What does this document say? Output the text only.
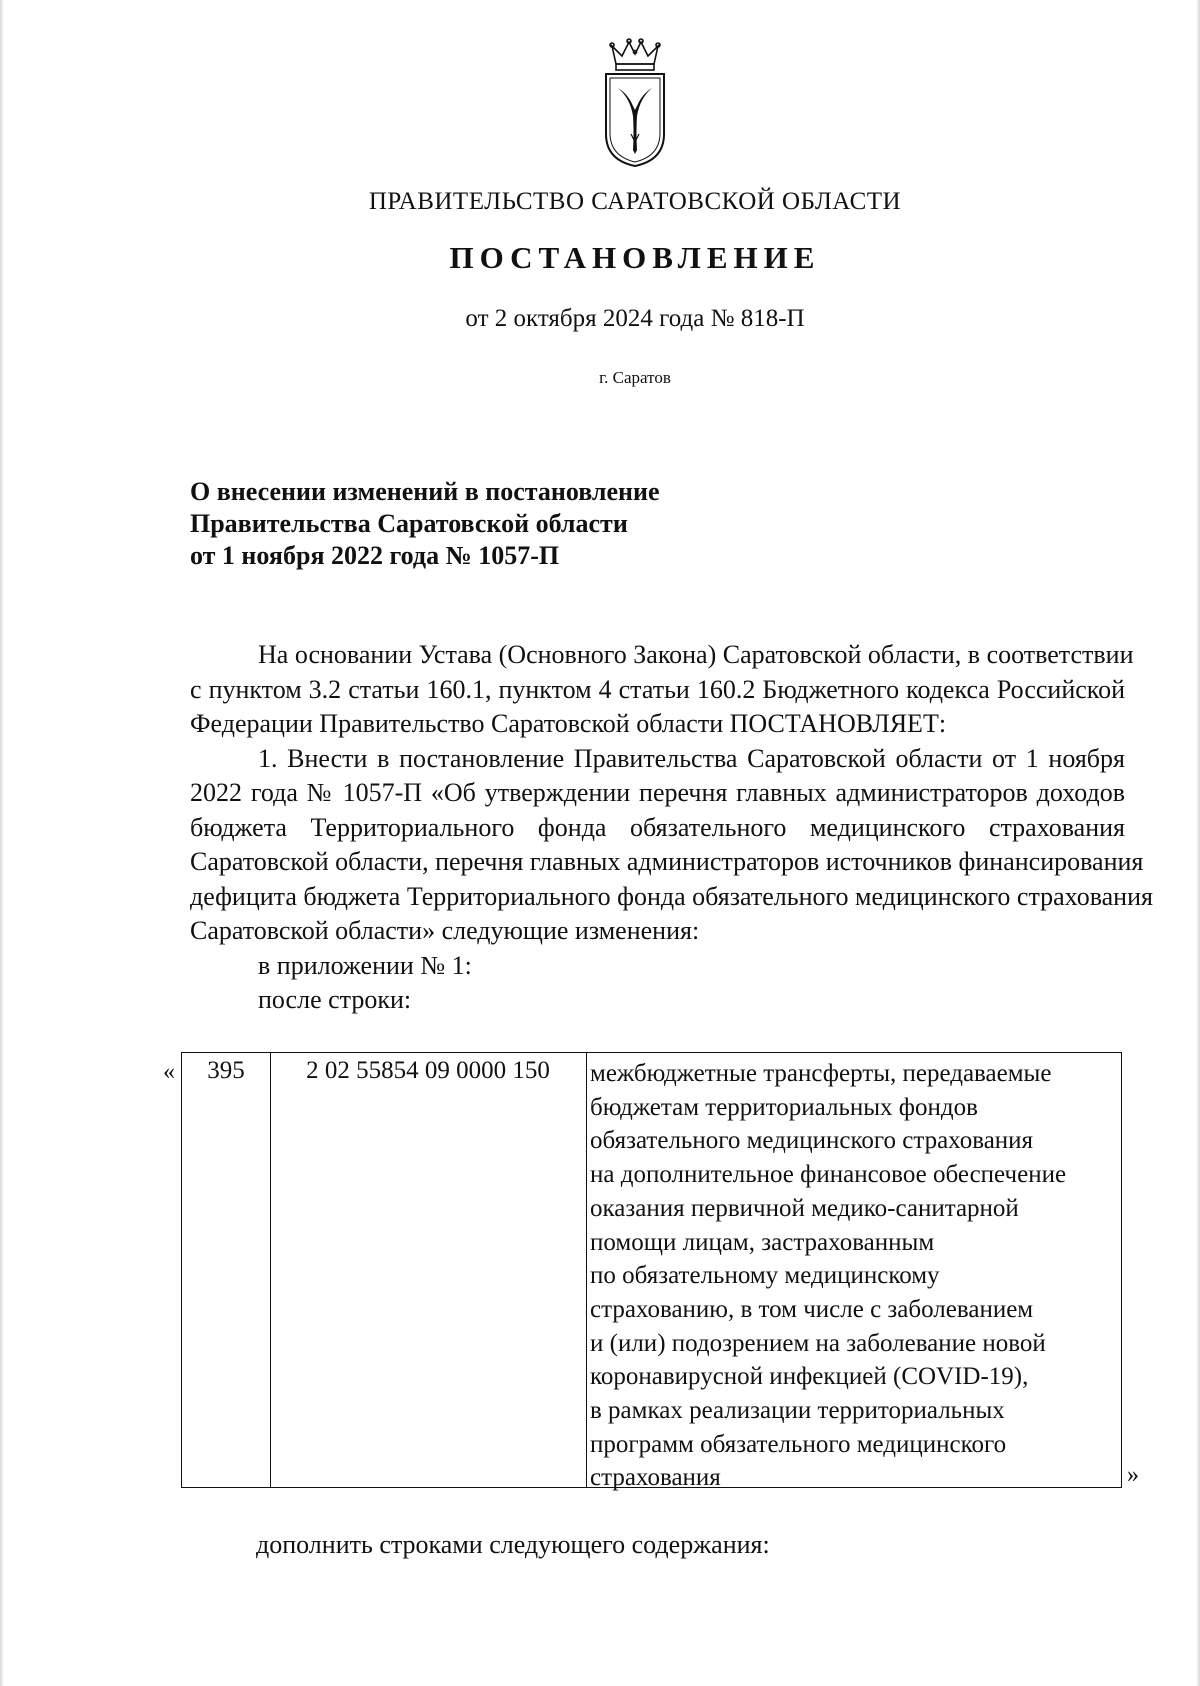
ПРАВИТЕЛЬСТВО САРАТОВСКОЙ ОБЛАСТИ
ПОСТАНОВЛЕНИЕ
от 2 октября 2024 года № 818-П
г. Саратов
О внесении изменений в постановление
Правительства Саратовской области
от 1 ноября 2022 года № 1057-П
На основании Устава (Основного Закона) Саратовской области, в соответствии
с пунктом 3.2 статьи 160.1, пунктом 4 статьи 160.2 Бюджетного кодекса Российской
Федерации Правительство Саратовской области ПОСТАНОВЛЯЕТ:
1. Внести в постановление Правительства Саратовской области от 1 ноября
2022 года № 1057-П «Об утверждении перечня главных администраторов доходов
бюджета Территориального фонда обязательного медицинского страхования
Саратовской области, перечня главных администраторов источников финансирования
дефицита бюджета Территориального фонда обязательного медицинского страхования
Саратовской области» следующие изменения:
в приложении № 1:
после строки:
«	395	2 02 55854 09 0000 150	межбюджетные трансферты, передаваемые
бюджетам территориальных фондов
обязательного медицинского страхования
на дополнительное финансовое обеспечение
оказания первичной медико-санитарной
помощи лицам, застрахованным
по обязательному медицинскому
страхованию, в том числе с заболеванием
и (или) подозрением на заболевание новой
коронавирусной инфекцией (COVID-19),
в рамках реализации территориальных
программ обязательного медицинского
страхования	»
дополнить строками следующего содержания:
